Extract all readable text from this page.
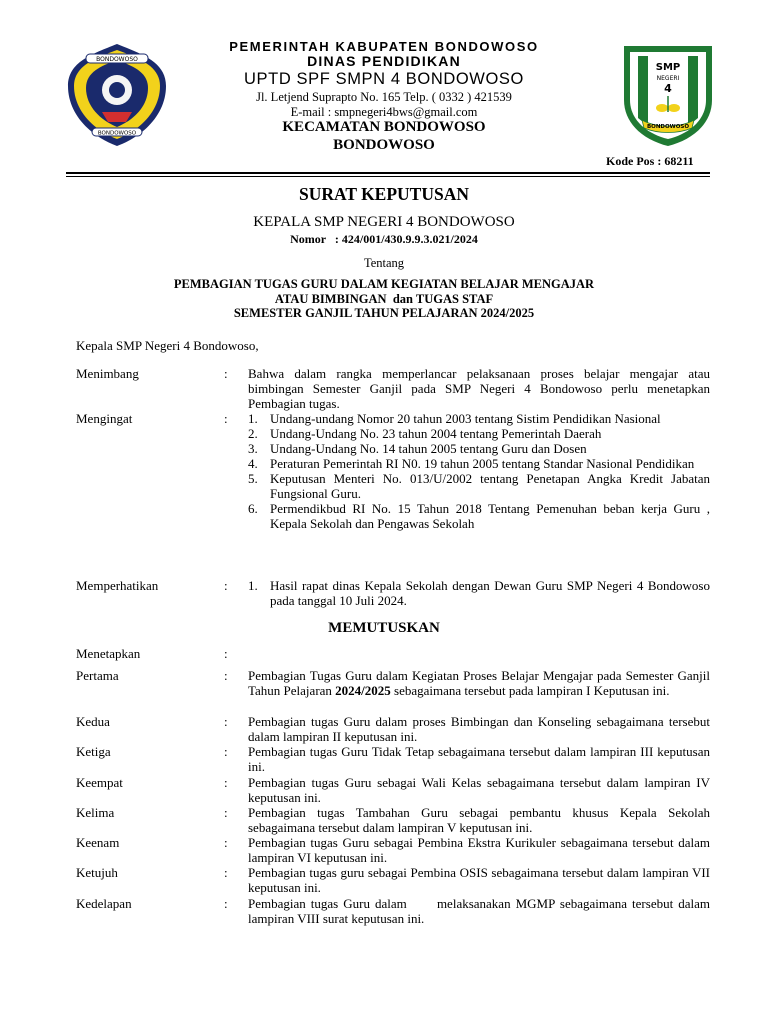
BONDOWOSO
BONDOWOSO
SMP
NEGERI
4
BONDOWOSO
PEMERINTAH KABUPATEN BONDOWOSO
DINAS PENDIDIKAN
UPTD SPF SMPN 4 BONDOWOSO
Jl. Letjend Suprapto No. 165 Telp. ( 0332 ) 421539
E-mail : smpnegeri4bws@gmail.com
KECAMATAN BONDOWOSO
BONDOWOSO
Kode Pos : 68211
SURAT KEPUTUSAN
KEPALA SMP NEGERI 4 BONDOWOSO
Nomor   : 424/001/430.9.9.3.021/2024
Tentang
PEMBAGIAN TUGAS GURU DALAM KEGIATAN BELAJAR MENGAJAR
ATAU BIMBINGAN  dan TUGAS STAF
SEMESTER GANJIL TAHUN PELAJARAN 2024/2025
Kepala SMP Negeri 4 Bondowoso,
Menimbang	: Bahwa dalam rangka memperlancar pelaksanaan proses belajar mengajar atau bimbingan Semester Ganjil pada SMP Negeri 4 Bondowoso perlu menetapkan Pembagian tugas.
Mengingat	: 1. Undang-undang Nomor 20 tahun 2003 tentang Sistim Pendidikan Nasional
2. Undang-Undang No. 23 tahun 2004 tentang Pemerintah Daerah
3. Undang-Undang No. 14 tahun 2005 tentang Guru dan Dosen
4. Peraturan Pemerintah RI N0. 19 tahun 2005 tentang Standar Nasional Pendidikan
5. Keputusan Menteri No. 013/U/2002 tentang Penetapan Angka Kredit Jabatan Fungsional Guru.
6. Permendikbud RI No. 15 Tahun 2018 Tentang Pemenuhan beban kerja Guru , Kepala Sekolah dan Pengawas Sekolah
Memperhatikan	: 1. Hasil rapat dinas Kepala Sekolah dengan Dewan Guru SMP Negeri 4 Bondowoso pada tanggal 10 Juli 2024.
MEMUTUSKAN
Menetapkan	:
Pertama	: Pembagian Tugas Guru dalam Kegiatan Proses Belajar Mengajar pada Semester Ganjil Tahun Pelajaran 2024/2025 sebagaimana tersebut pada lampiran I Keputusan ini.
Kedua	: Pembagian tugas Guru dalam proses Bimbingan dan Konseling sebagaimana tersebut dalam lampiran II keputusan ini.
Ketiga	: Pembagian tugas Guru Tidak Tetap sebagaimana tersebut dalam lampiran III keputusan ini.
Keempat	: Pembagian tugas Guru sebagai Wali Kelas sebagaimana tersebut dalam lampiran IV keputusan ini.
Kelima	: Pembagian tugas Tambahan Guru sebagai pembantu khusus Kepala Sekolah sebagaimana tersebut dalam lampiran V keputusan ini.
Keenam	: Pembagian tugas Guru sebagai Pembina Ekstra Kurikuler sebagaimana tersebut dalam lampiran VI keputusan ini.
Ketujuh	: Pembagian tugas guru sebagai Pembina OSIS sebagaimana tersebut dalam lampiran VII keputusan ini.
Kedelapan	: Pembagian tugas Guru dalam      melaksanakan MGMP sebagaimana tersebut dalam lampiran VIII surat keputusan ini.
